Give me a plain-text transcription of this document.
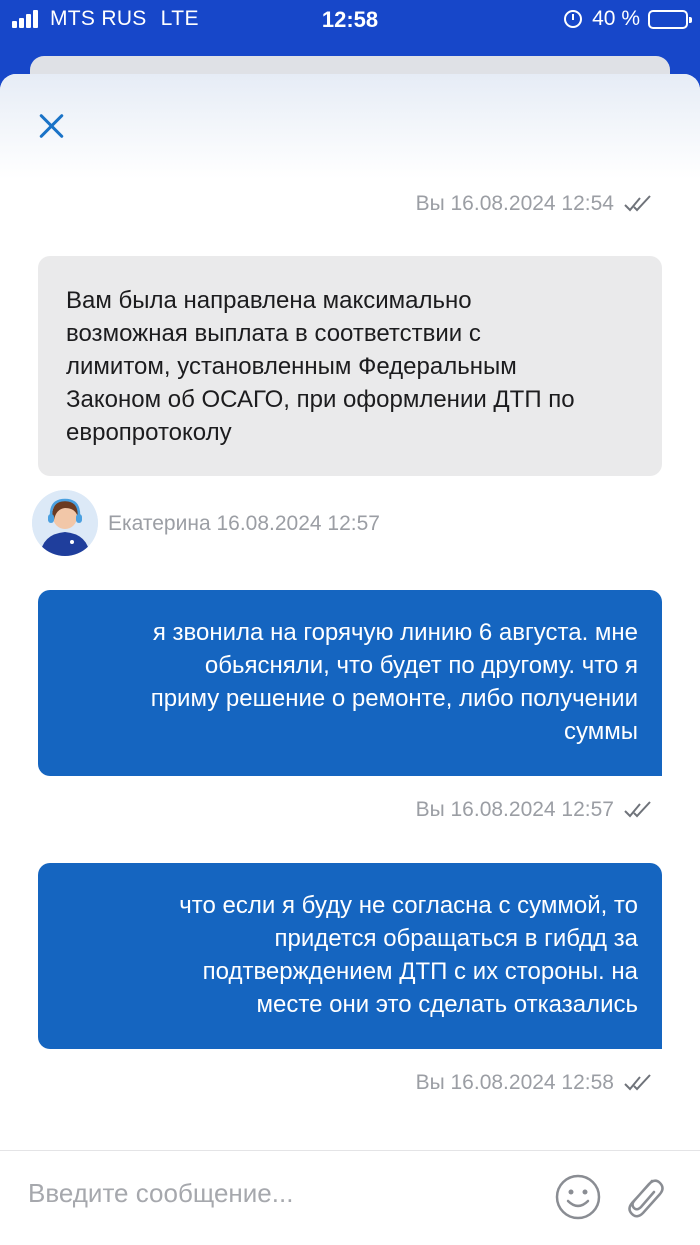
MTS RUS LTE	12:58	40 %
Вы 16.08.2024 12:54
Вам была направлена максимально
возможная выплата в соответствии с
лимитом, установленным Федеральным
Законом об ОСАГО, при оформлении ДТП по
европротоколу
Екатерина 16.08.2024 12:57
я звонила на горячую линию 6 августа. мне
обьясняли, что будет по другому. что я
приму решение о ремонте, либо получении
суммы
Вы 16.08.2024 12:57
что если я буду не согласна с суммой, то
придется обращаться в гибдд за
подтверждением ДТП с их стороны. на
месте они это сделать отказались
Вы 16.08.2024 12:58
Введите сообщение...
